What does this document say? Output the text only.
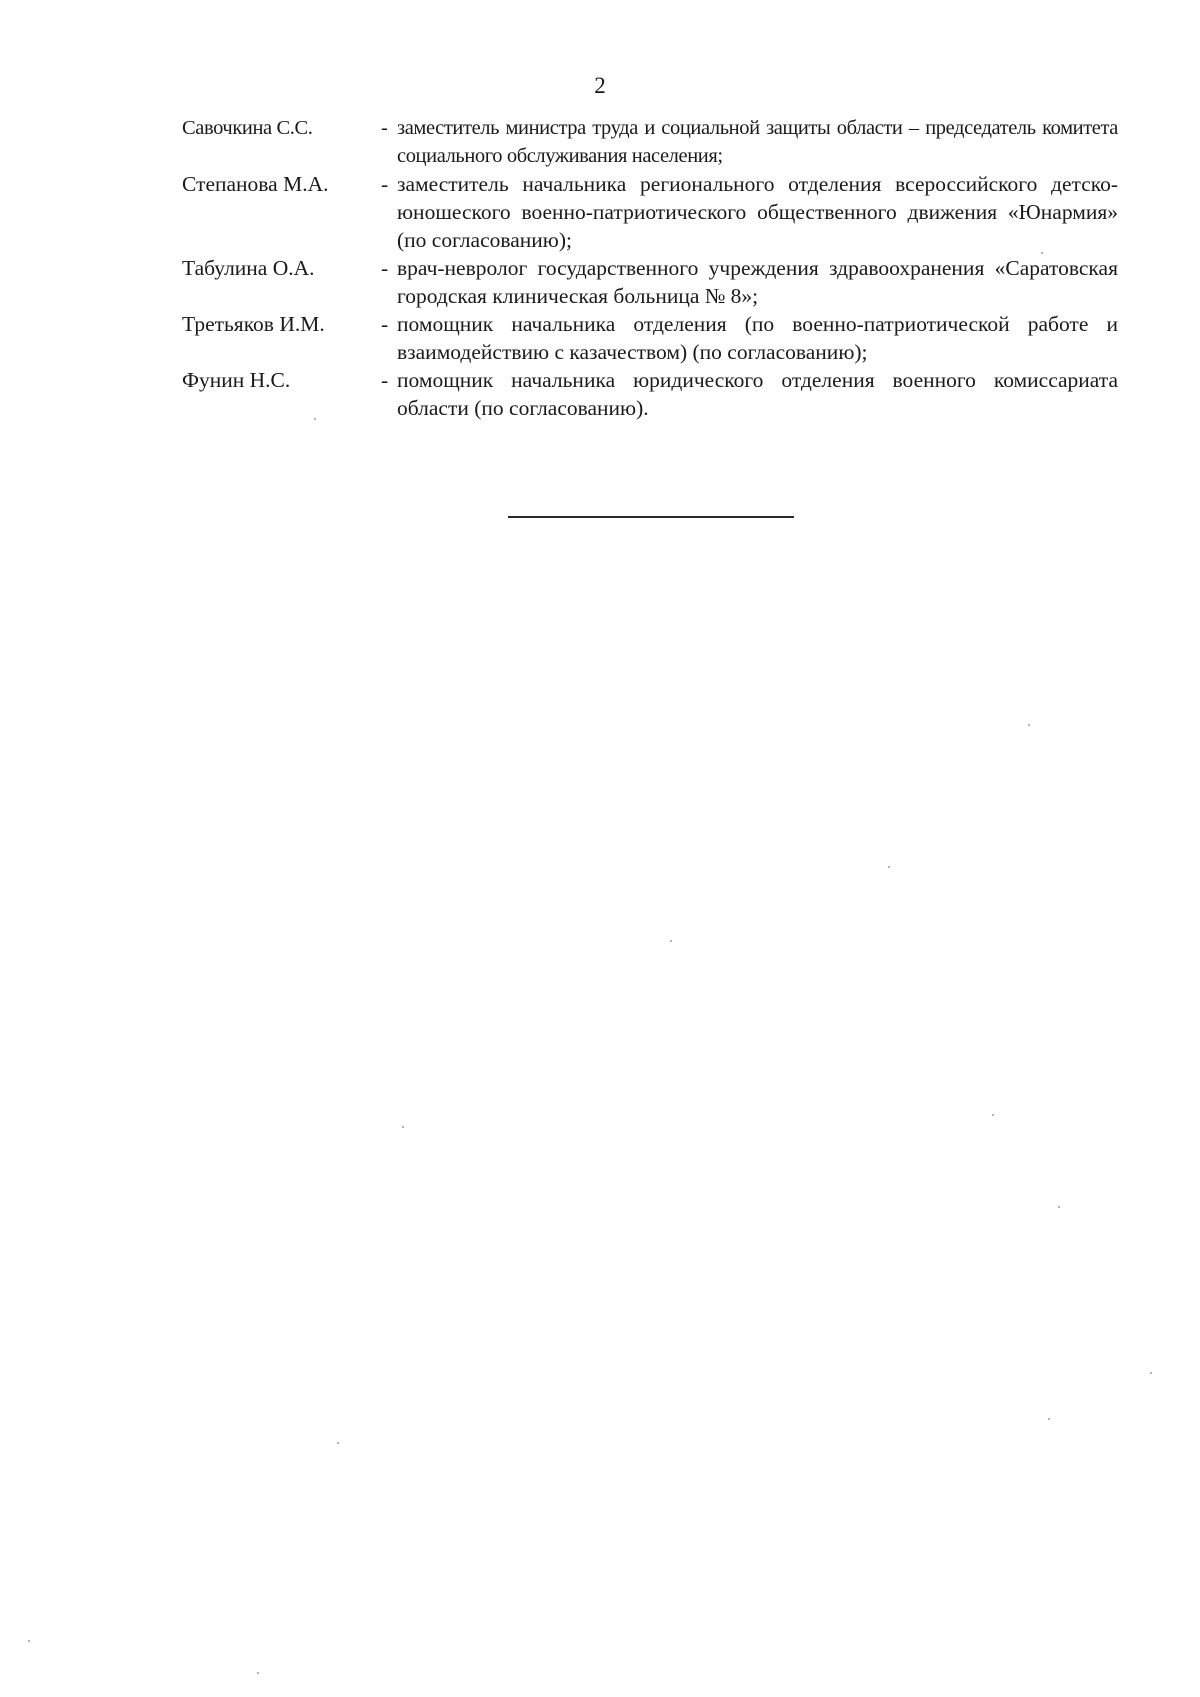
2
Савочкина С.С.	- заместитель министра труда и социальной защиты области – председатель комитета социального обслуживания населения;
Степанова М.А.	- заместитель начальника регионального отделения всероссийского детско-юношеского военно-патриотического общественного движения «Юнармия» (по согласованию);
Табулина О.А.	- врач-невролог государственного учреждения здравоохранения «Саратовская городская клиническая больница № 8»;
Третьяков И.М.	- помощник начальника отделения (по военно-патриотической работе и взаимодействию с казачеством) (по согласованию);
Фунин Н.С.	- помощник начальника юридического отделения военного комиссариата области (по согласованию).
